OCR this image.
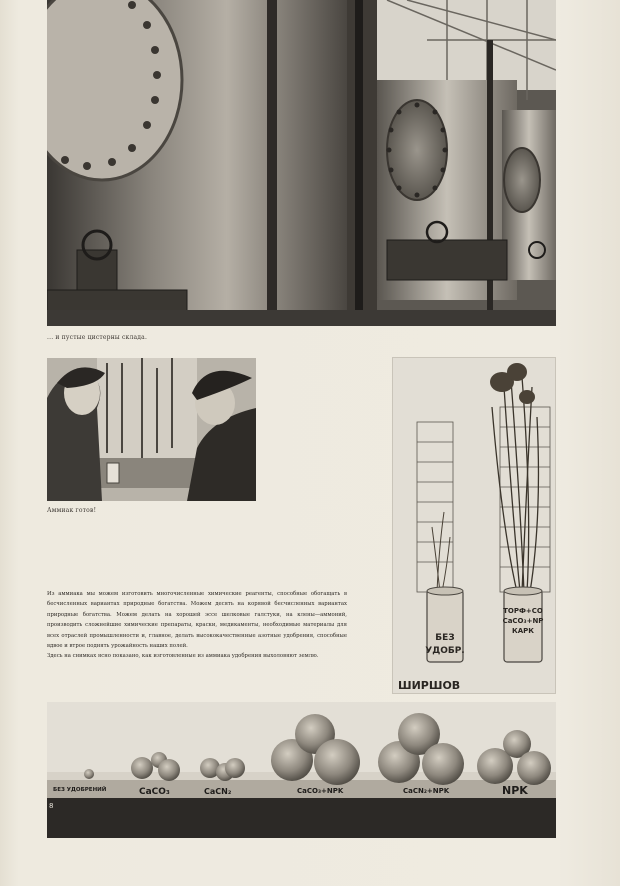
... и пустые цистерны склада.
Аммиак готов!
БЕЗ
УДОБР.
ТОРФ+СО
СаСО₃+NР
КАРК
ШИРШОВ

Из аммиака мы можем изготовить многочисленные химические реагенты, способные обогащать в бесчисленных вариантах природные богатства. Можем десять на корявой бесчисленных вариантах природные богатства. Можем делать на хорошей эссе шелковые галстуки, на клены—аммоний, производить сложнейшие химические препараты, краски, медикаменты, необходимые материалы для всех отраслей промышленности и, главное, делать высококачественные азотные удобрения, способные вдвое и втрое поднять урожайность наших полей.

Здесь на снимках ясно показано, как изготовленные из аммиака удобрения выхоловяют землю.

БЕЗ УДОБРЕНИЙ	CaCO₃	CaCN₂	CaCO₃+NPK	CaCN₂+NPK	NPK
8
